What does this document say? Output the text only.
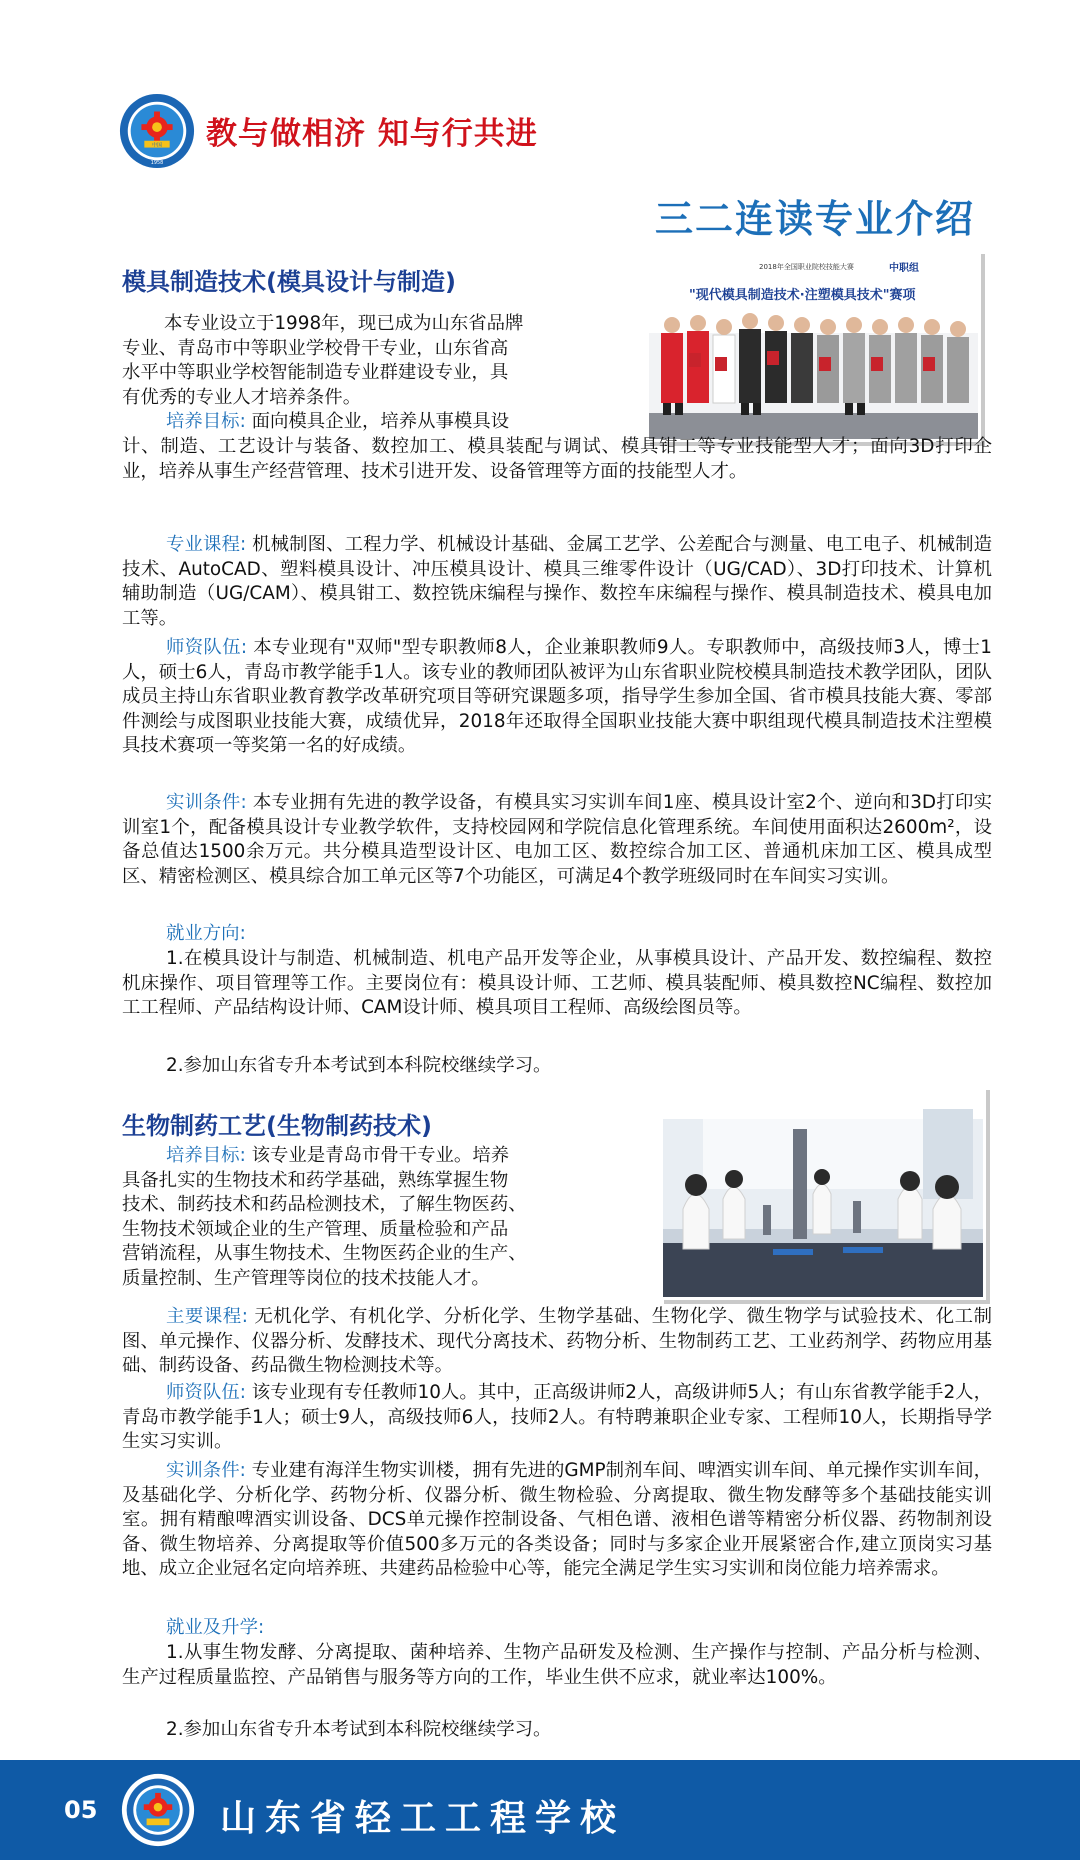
中国
1958
教与做相济 知与行共进
三二连读专业介绍
模具制造技术(模具设计与制造)
2018年全国职业院校技能大赛	中职组
"现代模具制造技术·注塑模具技术"赛项
本专业设立于1998年，现已成为山东省品牌
专业、青岛市中等职业学校骨干专业，山东省高
水平中等职业学校智能制造专业群建设专业，具
有优秀的专业人才培养条件。
培养目标: 面向模具企业，培养从事模具设
计、制造、工艺设计与装备、数控加工、模具装配与调试、模具钳工等专业技能型人才；面向3D打印企业，培养从事生产经营管理、技术引进开发、设备管理等方面的技能型人才。
专业课程: 机械制图、工程力学、机械设计基础、金属工艺学、公差配合与测量、电工电子、机械制造技术、AutoCAD、塑料模具设计、冲压模具设计、模具三维零件设计（UG/CAD）、3D打印技术、计算机辅助制造（UG/CAM）、模具钳工、数控铣床编程与操作、数控车床编程与操作、模具制造技术、模具电加工等。
师资队伍: 本专业现有"双师"型专职教师8人，企业兼职教师9人。专职教师中，高级技师3人，博士1人，硕士6人，青岛市教学能手1人。该专业的教师团队被评为山东省职业院校模具制造技术教学团队，团队成员主持山东省职业教育教学改革研究项目等研究课题多项，指导学生参加全国、省市模具技能大赛、零部件测绘与成图职业技能大赛，成绩优异，2018年还取得全国职业技能大赛中职组现代模具制造技术注塑模具技术赛项一等奖第一名的好成绩。
实训条件: 本专业拥有先进的教学设备，有模具实习实训车间1座、模具设计室2个、逆向和3D打印实训室1个，配备模具设计专业教学软件，支持校园网和学院信息化管理系统。车间使用面积达2600m²，设备总值达1500余万元。共分模具造型设计区、电加工区、数控综合加工区、普通机床加工区、模具成型区、精密检测区、模具综合加工单元区等7个功能区，可满足4个教学班级同时在车间实习实训。
就业方向:
1.在模具设计与制造、机械制造、机电产品开发等企业，从事模具设计、产品开发、数控编程、数控机床操作、项目管理等工作。主要岗位有：模具设计师、工艺师、模具装配师、模具数控NC编程、数控加工工程师、产品结构设计师、CAM设计师、模具项目工程师、高级绘图员等。
2.参加山东省专升本考试到本科院校继续学习。
生物制药工艺(生物制药技术)
培养目标: 该专业是青岛市骨干专业。培养
具备扎实的生物技术和药学基础，熟练掌握生物
技术、制药技术和药品检测技术，了解生物医药、
生物技术领域企业的生产管理、质量检验和产品
营销流程，从事生物技术、生物医药企业的生产、
质量控制、生产管理等岗位的技术技能人才。
主要课程: 无机化学、有机化学、分析化学、生物学基础、生物化学、微生物学与试验技术、化工制图、单元操作、仪器分析、发酵技术、现代分离技术、药物分析、生物制药工艺、工业药剂学、药物应用基础、制药设备、药品微生物检测技术等。
师资队伍: 该专业现有专任教师10人。其中，正高级讲师2人，高级讲师5人；有山东省教学能手2人，青岛市教学能手1人；硕士9人，高级技师6人，技师2人。有特聘兼职企业专家、工程师10人，长期指导学生实习实训。
实训条件: 专业建有海洋生物实训楼，拥有先进的GMP制剂车间、啤酒实训车间、单元操作实训车间，及基础化学、分析化学、药物分析、仪器分析、微生物检验、分离提取、微生物发酵等多个基础技能实训室。拥有精酿啤酒实训设备、DCS单元操作控制设备、气相色谱、液相色谱等精密分析仪器、药物制剂设备、微生物培养、分离提取等价值500多万元的各类设备；同时与多家企业开展紧密合作,建立顶岗实习基地、成立企业冠名定向培养班、共建药品检验中心等，能完全满足学生实习实训和岗位能力培养需求。
就业及升学:
1.从事生物发酵、分离提取、菌种培养、生物产品研发及检测、生产操作与控制、产品分析与检测、生产过程质量监控、产品销售与服务等方向的工作，毕业生供不应求，就业率达100%。
2.参加山东省专升本考试到本科院校继续学习。
05	山东省轻工工程学校
